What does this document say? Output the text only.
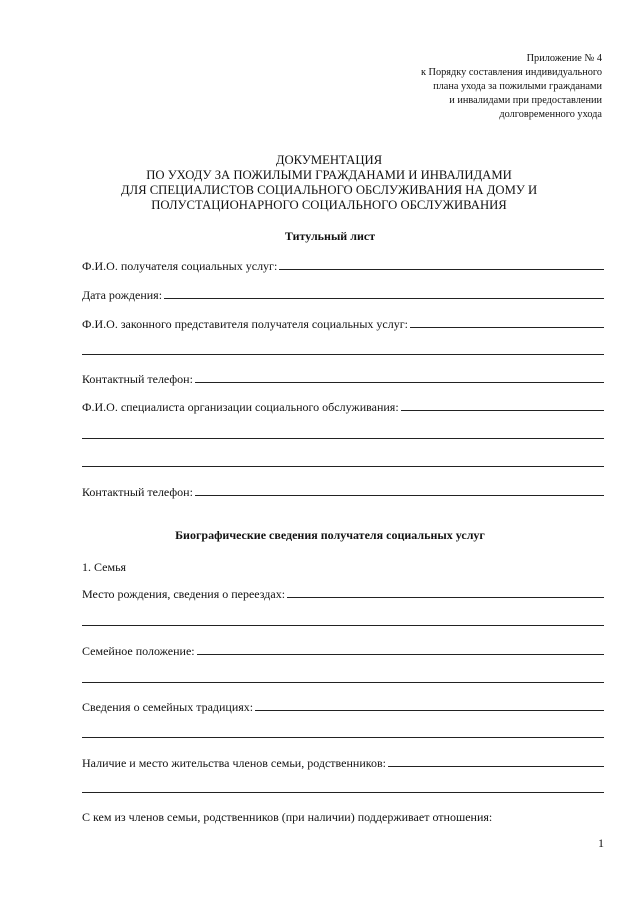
Приложение № 4
к Порядку составления индивидуального
плана ухода за пожилыми гражданами
и инвалидами при предоставлении
долговременного ухода
ДОКУМЕНТАЦИЯ
ПО УХОДУ ЗА ПОЖИЛЫМИ ГРАЖДАНАМИ И ИНВАЛИДАМИ
ДЛЯ СПЕЦИАЛИСТОВ СОЦИАЛЬНОГО ОБСЛУЖИВАНИЯ НА ДОМУ И
ПОЛУСТАЦИОНАРНОГО СОЦИАЛЬНОГО ОБСЛУЖИВАНИЯ
Титульный лист
Ф.И.О. получателя социальных услуг:
Дата рождения:
Ф.И.О. законного представителя получателя социальных услуг:
Контактный телефон:
Ф.И.О. специалиста организации социального обслуживания:
Контактный телефон:
Биографические сведения получателя социальных услуг
1. Семья
Место рождения, сведения о переездах:
Семейное положение:
Сведения о семейных традициях:
Наличие и место жительства членов семьи, родственников:
С кем из членов семьи, родственников (при наличии) поддерживает отношения:
1
